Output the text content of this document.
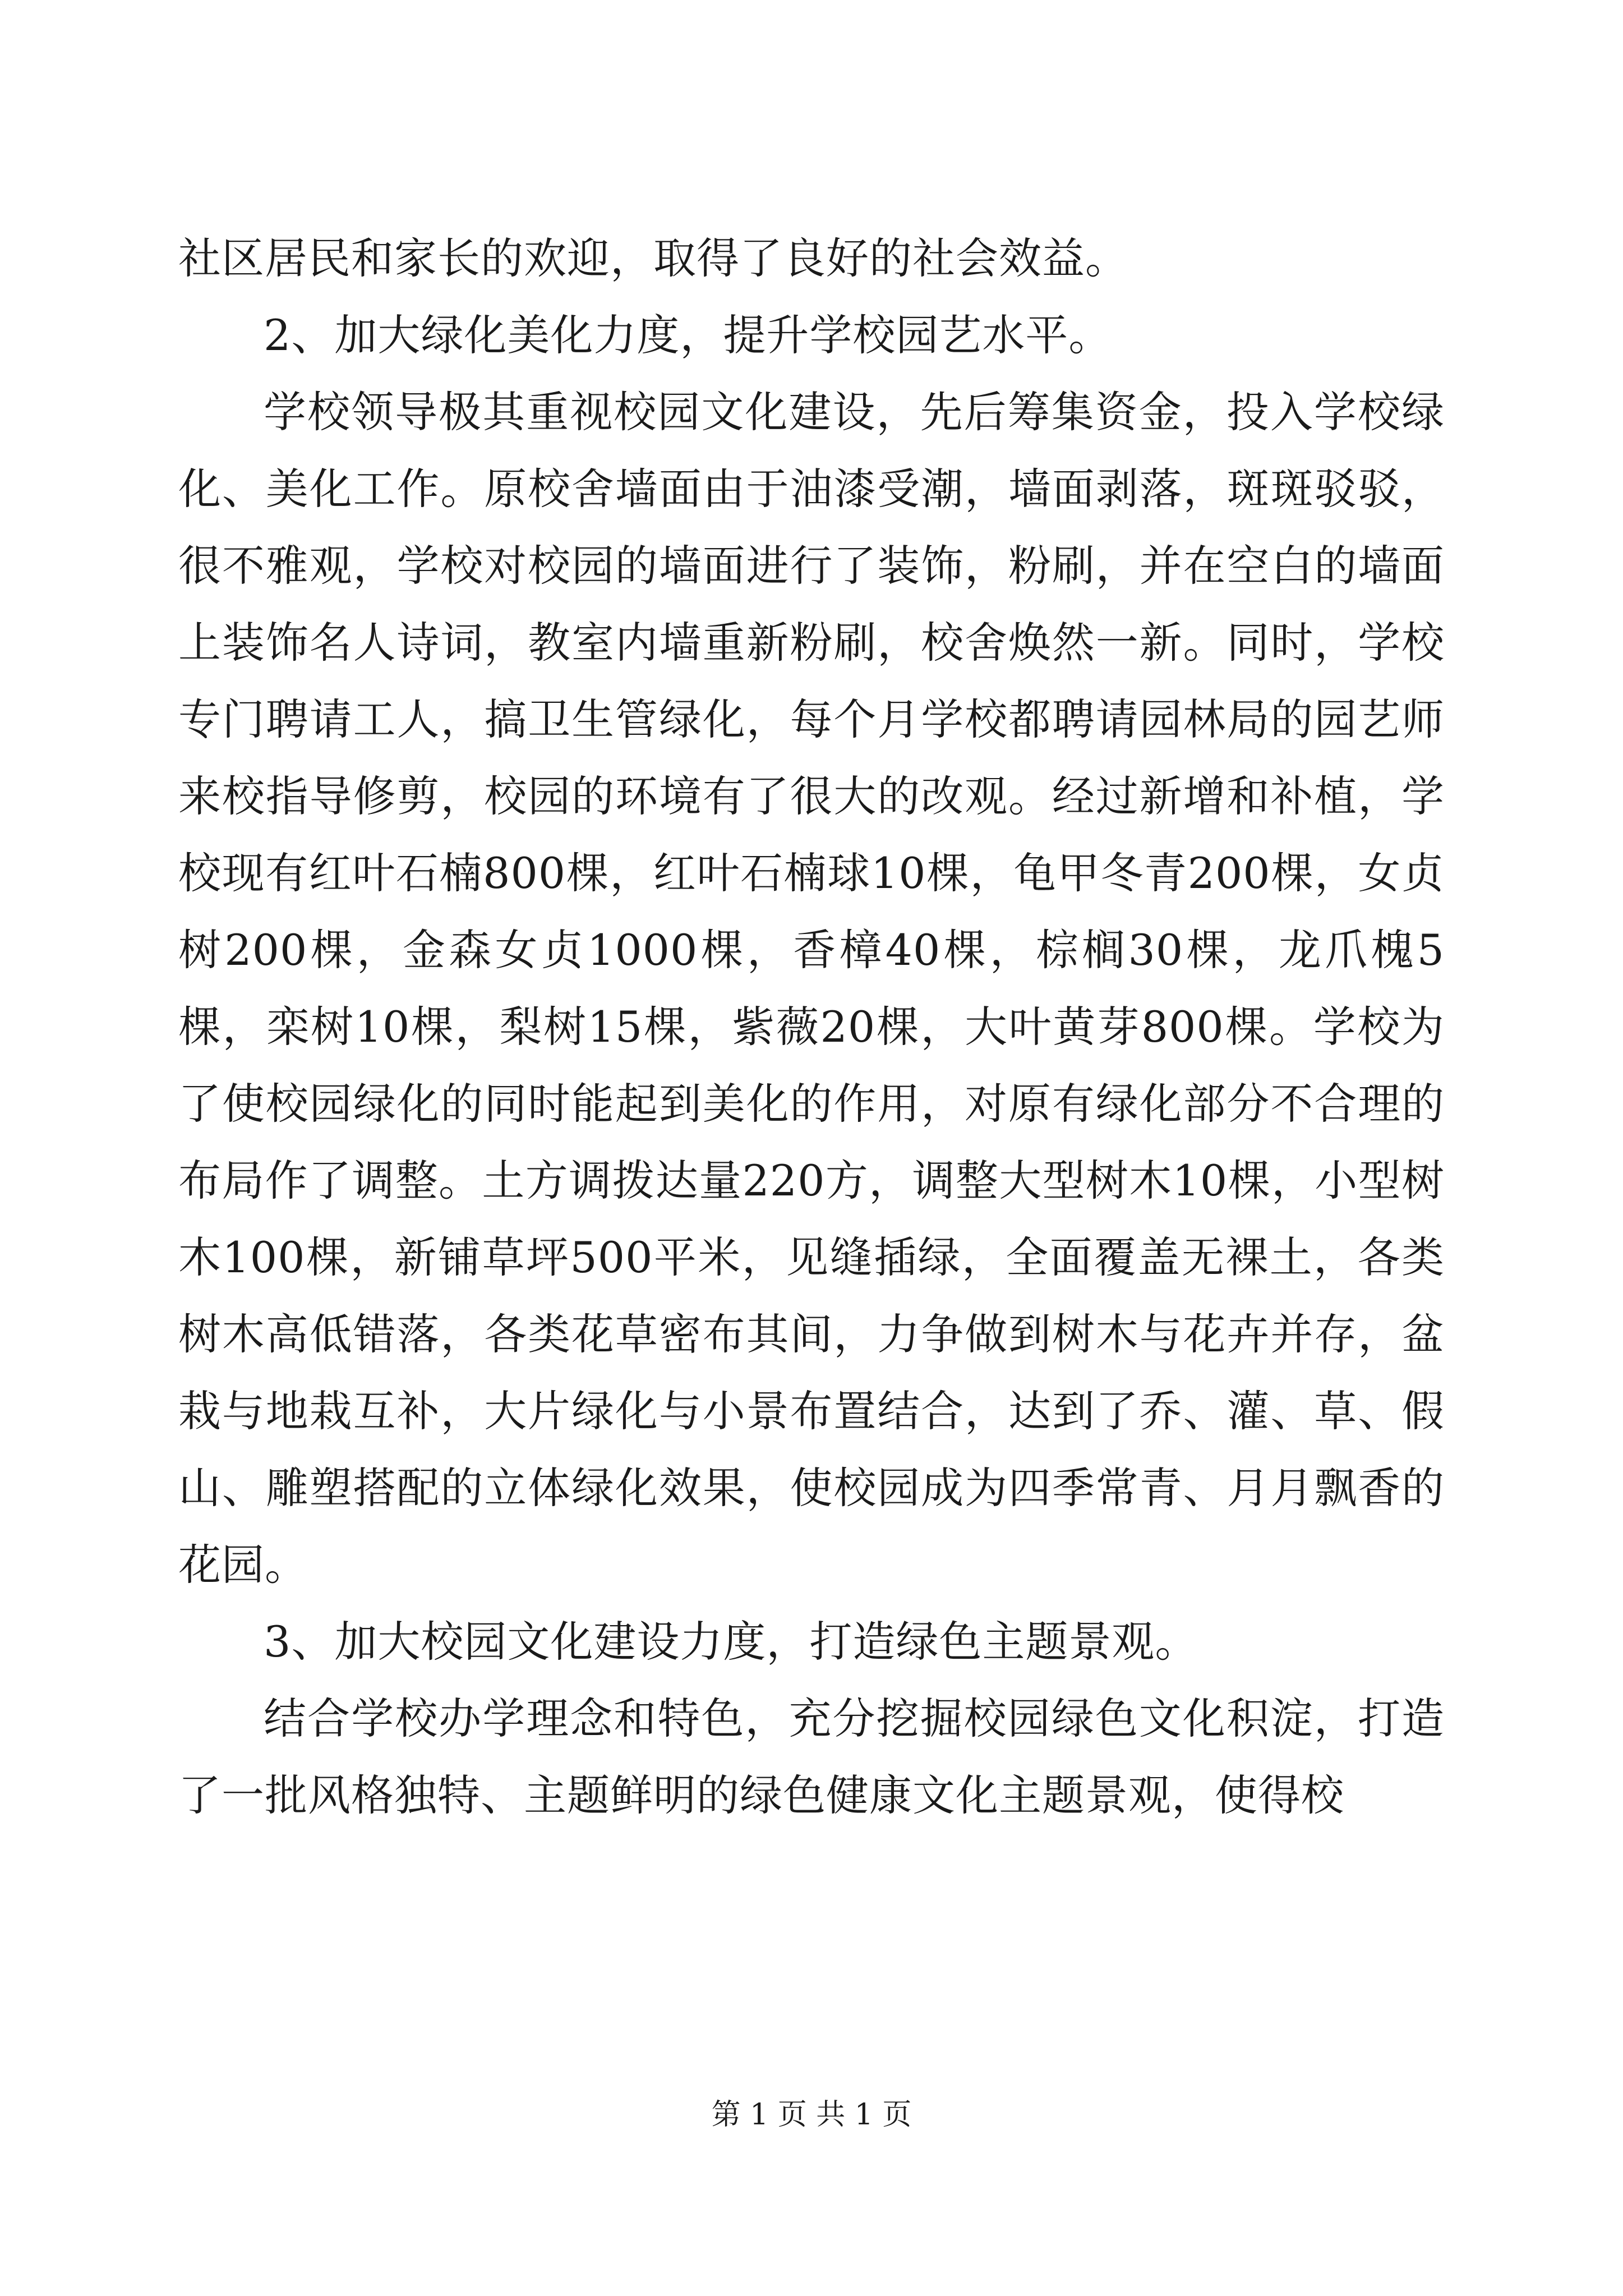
社区居民和家长的欢迎，取得了良好的社会效益。

2、加大绿化美化力度，提升学校园艺水平。

学校领导极其重视校园文化建设，先后筹集资金，投入学校绿化、美化工作。原校舍墙面由于油漆受潮，墙面剥落，斑斑驳驳，很不雅观，学校对校园的墙面进行了装饰，粉刷，并在空白的墙面上装饰名人诗词，教室内墙重新粉刷，校舍焕然一新。同时，学校专门聘请工人，搞卫生管绿化，每个月学校都聘请园林局的园艺师来校指导修剪，校园的环境有了很大的改观。经过新增和补植，学校现有红叶石楠800棵，红叶石楠球10棵，龟甲冬青200棵，女贞树200棵，金森女贞1000棵，香樟40棵，棕榈30棵，龙爪槐5棵，栾树10棵，梨树15棵，紫薇20棵，大叶黄芽800棵。学校为了使校园绿化的同时能起到美化的作用，对原有绿化部分不合理的布局作了调整。土方调拨达量220方，调整大型树木10棵，小型树木100棵，新铺草坪500平米，见缝插绿，全面覆盖无裸土，各类树木高低错落，各类花草密布其间，力争做到树木与花卉并存，盆栽与地栽互补，大片绿化与小景布置结合，达到了乔、灌、草、假山、雕塑搭配的立体绿化效果，使校园成为四季常青、月月飘香的花园。

3、加大校园文化建设力度，打造绿色主题景观。

结合学校办学理念和特色，充分挖掘校园绿色文化积淀，打造了一批风格独特、主题鲜明的绿色健康文化主题景观，使得校

第 1 页 共 1 页
